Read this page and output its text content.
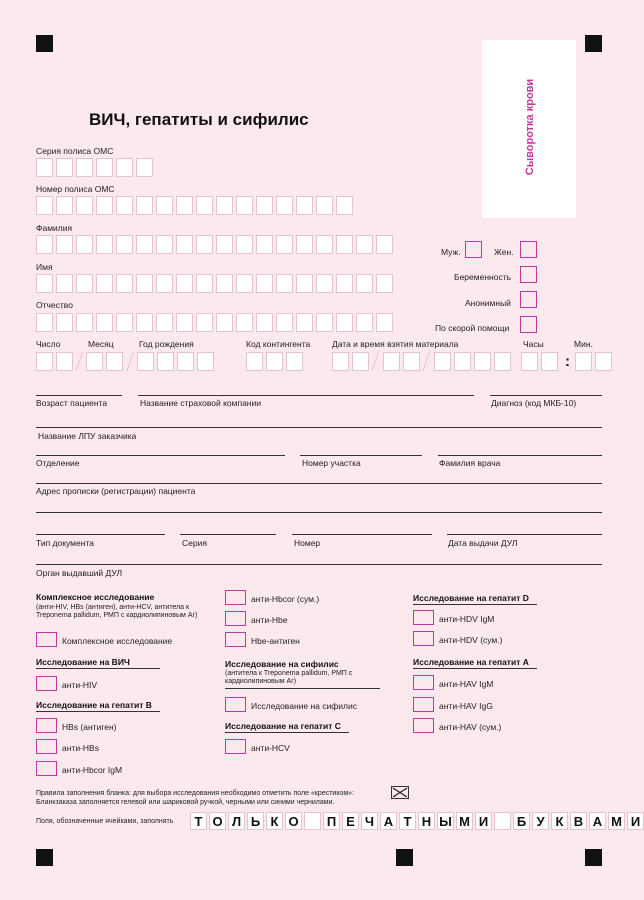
Сыворотка крови
ВИЧ, гепатиты и сифилис
Серия полиса ОМС
Номер полиса ОМС
Фамилия
Имя
Отчество
Муж.	Жен.
Беременность
Анонимный
По скорой помощи
Число	Месяц	Год рождения	Код контингента	Дата и время взятия материала	Часы	Мин.
:
Возраст пациента	Название страховой компании	Диагноз (код МКБ-10)
Название ЛПУ заказчика
Отделение	Номер участка	Фамилия врача
Адрес прописки (регистрации) пациента
Тип документа	Серия	Номер	Дата выдачи ДУЛ
Орган выдавший ДУЛ
Комплексное исследование
(анти-HIV, HBs (антиген), анти-HCV, антитела к Treponema pallidum, РМП с кардиолипиновым Аг)
Комплексное исследование
Исследование на ВИЧ
анти-HIV
Исследование на гепатит В
HBs (антиген)
анти-HBs
анти-Hbcor IgM
анти-Hbcor (сум.)
анти-Hbe
Hbe-антиген
Исследование на сифилис
(антитела к Treponema pallidum, РМП с кардиолипиновым Аг)
Исследование на сифилис
Исследование на гепатит С
анти-HCV
Исследование на гепатит D
анти-HDV IgM
анти-HDV (сум.)
Исследование на гепатит А
анти-HAV IgM
анти-HAV IgG
анти-HAV (сум.)
Правила заполнения бланка: для выбора исследования необходимо отметить поле «крестиком»:
Бланкзаказа заполняется гелевой или шариковой ручкой, черными или синими чернилами.
Поля, обозначенные ячейками, заполнять	Т О Л Ь К О П Е Ч А Т Н Ы М И Б У К В А М И
